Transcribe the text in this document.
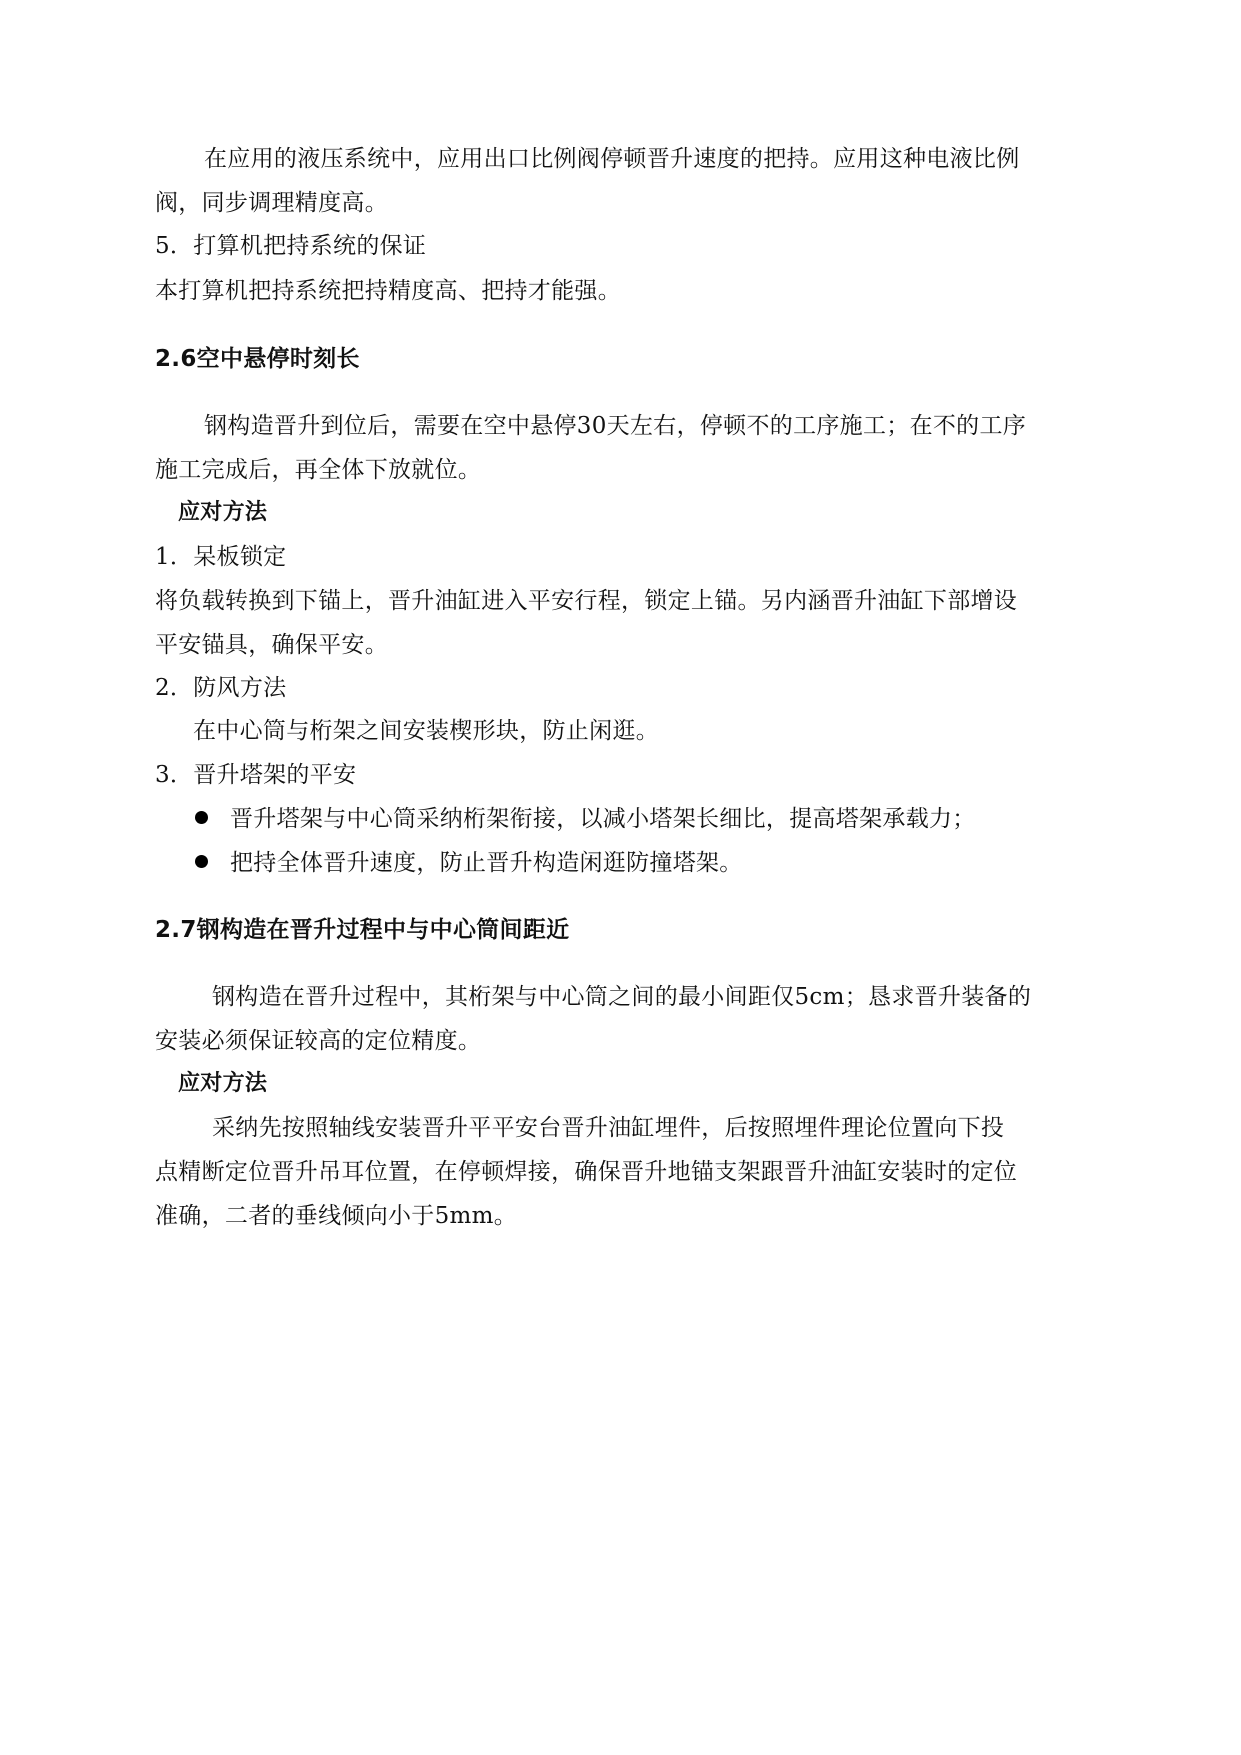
在应用的液压系统中，应用出口比例阀停顿晋升速度的把持。应用这种电液比例
阀，同步调理精度高。
5．打算机把持系统的保证
本打算机把持系统把持精度高、把持才能强。
2.6空中悬停时刻长
钢构造晋升到位后，需要在空中悬停30天左右，停顿不的工序施工；在不的工序
施工完成后，再全体下放就位。
应对方法
1．呆板锁定
将负载转换到下锚上，晋升油缸进入平安行程，锁定上锚。另内涵晋升油缸下部增设
平安锚具，确保平安。
2．防风方法
在中心筒与桁架之间安装楔形块，防止闲逛。
3．晋升塔架的平安
晋升塔架与中心筒采纳桁架衔接，以减小塔架长细比，提高塔架承载力；
把持全体晋升速度，防止晋升构造闲逛防撞塔架。
2.7钢构造在晋升过程中与中心筒间距近
钢构造在晋升过程中，其桁架与中心筒之间的最小间距仅5cm；恳求晋升装备的
安装必须保证较高的定位精度。
应对方法
采纳先按照轴线安装晋升平平安台晋升油缸埋件，后按照埋件理论位置向下投
点精断定位晋升吊耳位置，在停顿焊接，确保晋升地锚支架跟晋升油缸安装时的定位
准确，二者的垂线倾向小于5mm。
